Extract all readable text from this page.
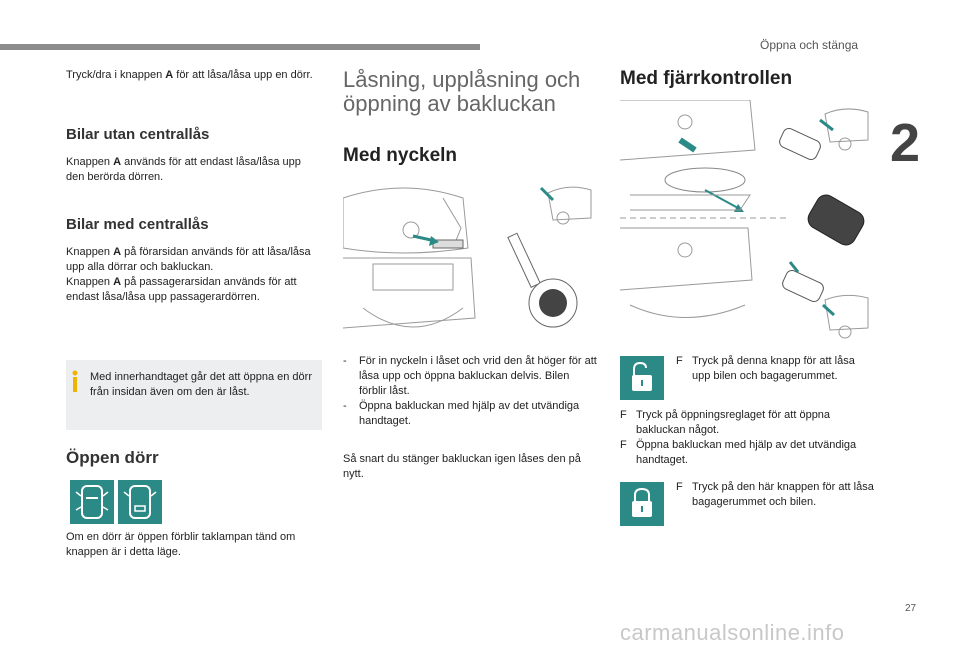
Öppna och stänga
2
27
Tryck/dra i knappen A för att låsa/låsa upp en dörr.
Bilar utan centrallås
Knappen A används för att endast låsa/låsa upp den berörda dörren.
Bilar med centrallås
Knappen A på förarsidan används för att låsa/låsa upp alla dörrar och bakluckan.
Knappen A på passagerarsidan används för att endast låsa/låsa upp passagerardörren.
Med innerhandtaget går det att öppna en dörr från insidan även om den är låst.
Öppen dörr
Om en dörr är öppen förblir taklampan tänd om knappen är i detta läge.
Låsning, upplåsning och öppning av bakluckan
Med nyckeln
- För in nyckeln i låset och vrid den åt höger för att låsa upp och öppna bakluckan delvis. Bilen förblir låst.
- Öppna bakluckan med hjälp av det utvändiga handtaget.
Så snart du stänger bakluckan igen låses den på nytt.
Med fjärrkontrollen
F Tryck på denna knapp för att låsa upp bilen och bagagerummet.
F Tryck på öppningsreglaget för att öppna bakluckan något.
F Öppna bakluckan med hjälp av det utvändiga handtaget.
F Tryck på den här knappen för att låsa bagagerummet och bilen.
carmanualsonline.info
